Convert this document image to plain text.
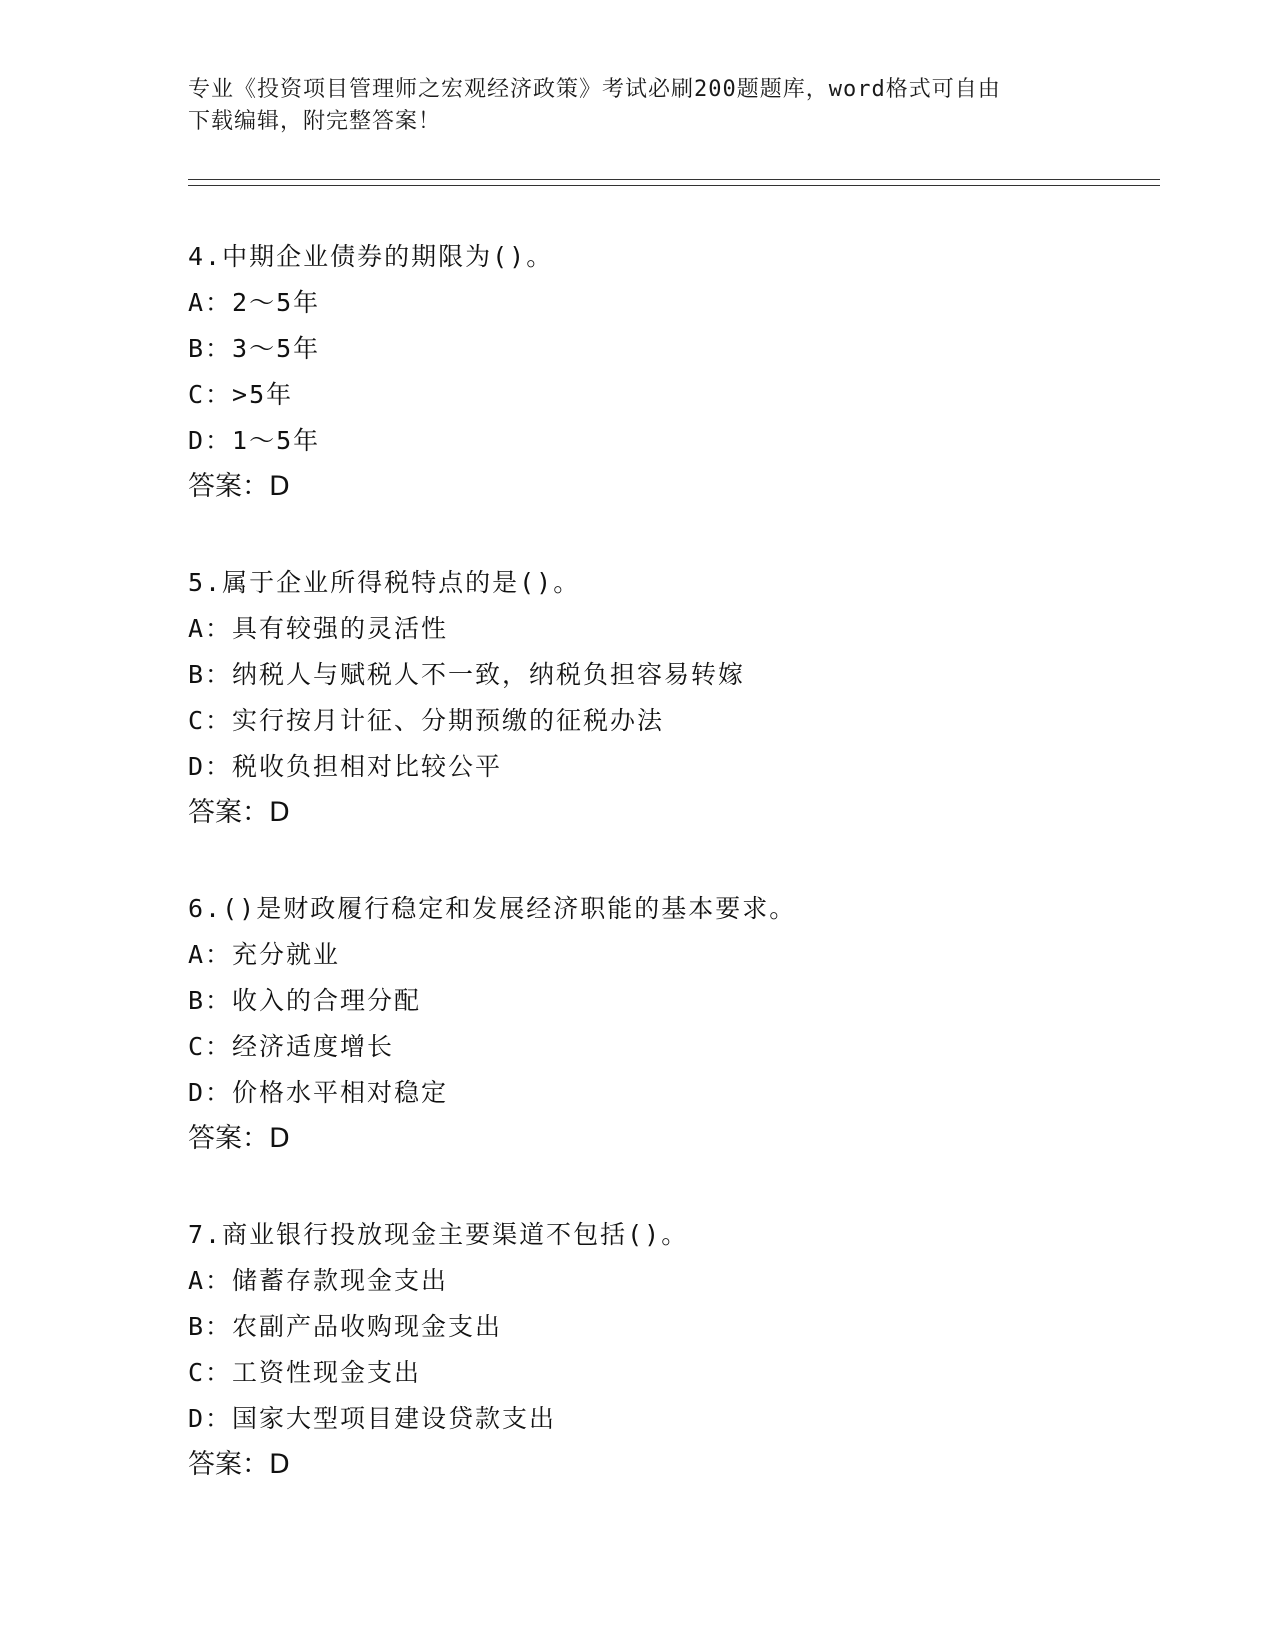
专业《投资项目管理师之宏观经济政策》考试必刷200题题库，word格式可自由
下载编辑，附完整答案！
4.中期企业债券的期限为()。
A：2～5年
B：3～5年
C：>5年
D：1～5年
答案：D
5.属于企业所得税特点的是()。
A：具有较强的灵活性
B：纳税人与赋税人不一致，纳税负担容易转嫁
C：实行按月计征、分期预缴的征税办法
D：税收负担相对比较公平
答案：D
6.()是财政履行稳定和发展经济职能的基本要求。
A：充分就业
B：收入的合理分配
C：经济适度增长
D：价格水平相对稳定
答案：D
7.商业银行投放现金主要渠道不包括()。
A：储蓄存款现金支出
B：农副产品收购现金支出
C：工资性现金支出
D：国家大型项目建设贷款支出
答案：D
